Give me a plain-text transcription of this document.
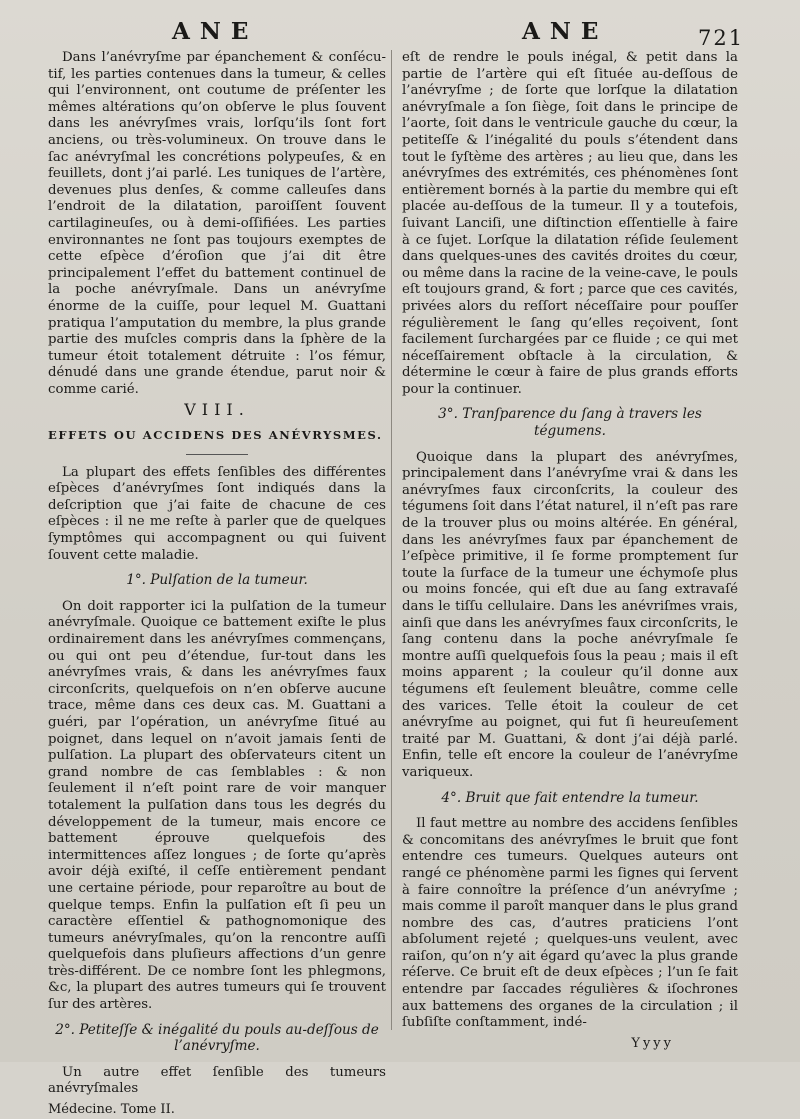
ANE	ANE	721

Dans l’anévryſme par épanchement & conſécu-tif, les parties contenues dans la tumeur, & celles qui l’environnent, ont coutume de préſenter les mêmes altérations qu’on obſerve le plus ſouvent dans les anévryſmes vrais, lorſqu’ils ſont fort anciens, ou très-volumineux. On trouve dans le ſac anévryſmal les concrétions polypeuſes, & en feuillets, dont j’ai parlé. Les tuniques de l’artère, devenues plus denſes, & comme calleuſes dans l’endroit de la dilatation, paroiſſent ſouvent cartilagineuſes, ou à demi-oſſifiées. Les parties environnantes ne ſont pas toujours exemptes de cette eſpèce d’éroſion que j’ai dit être principalement l’effet du battement continuel de la poche anévryſmale. Dans un anévryſme énorme de la cuiſſe, pour lequel M. Guattani pratiqua l’amputation du membre, la plus grande partie des muſcles compris dans la ſphère de la tumeur étoit totalement détruite : l’os fémur, dénudé dans une grande étendue, parut noir & comme carié.

VIII.
EFFETS OU ACCIDENS DES ANÉVRYSMES.

La plupart des effets ſenſibles des différentes eſpèces d’anévryſmes ſont indiqués dans la deſcription que j’ai faite de chacune de ces eſpèces : il ne me reſte à parler que de quelques ſymptômes qui accompagnent ou qui ſuivent ſouvent cette maladie.

1°. Pulſation de la tumeur.

On doit rapporter ici la pulſation de la tumeur anévryſmale. Quoique ce battement exiſte le plus ordinairement dans les anévryſmes commençans, ou qui ont peu d’étendue, ſur-tout dans les anévryſmes vrais, & dans les anévryſmes faux circonſcrits, quelquefois on n’en obſerve aucune trace, même dans ces deux cas. M. Guattani a guéri, par l’opération, un anévryſme ſitué au poignet, dans lequel on n’avoit jamais ſenti de pulſation. La plupart des obſervateurs citent un grand nombre de cas ſemblables : & non ſeulement il n’eſt point rare de voir manquer totalement la pulſation dans tous les degrés du développement de la tumeur, mais encore ce battement éprouve quelquefois des intermittences aſſez longues ; de ſorte qu’après avoir déjà exiſté, il ceſſe entièrement pendant une certaine période, pour reparoître au bout de quelque temps. Enfin la pulſation eſt ſi peu un caractère eſſentiel & pathognomonique des tumeurs anévryſmales, qu’on la rencontre auſſi quelquefois dans pluſieurs affections d’un genre très-différent. De ce nombre ſont les phlegmons, &c, la plupart des autres tumeurs qui ſe trouvent ſur des artères.

2°. Petiteſſe & inégalité du pouls au-deſſous de l’anévryſme.

Un autre effet ſenſible des tumeurs anévryſmales

Médecine. Tome II.

eſt de rendre le pouls inégal, & petit dans la partie de l’artère qui eſt ſituée au-deſſous de l’anévryſme ; de ſorte que lorſque la dilatation anévryſmale a ſon ſiège, ſoit dans le principe de l’aorte, ſoit dans le ventricule gauche du cœur, la petiteſſe & l’inégalité du pouls s’étendent dans tout le ſyſtème des artères ; au lieu que, dans les anévryſmes des extrémités, ces phénomènes ſont entièrement bornés à la partie du membre qui eſt placée au-deſſous de la tumeur. Il y a toutefois, ſuivant Lanciſi, une diſtinction eſſentielle à faire à ce ſujet. Lorſque la dilatation réſide ſeulement dans quelques-unes des cavités droites du cœur, ou même dans la racine de la veine-cave, le pouls eſt toujours grand, & fort ; parce que ces cavités, privées alors du reſſort néceſſaire pour pouſſer régulièrement le ſang qu’elles reçoivent, ſont facilement ſurchargées par ce fluide ; ce qui met néceſſairement obſtacle à la circulation, & détermine le cœur à faire de plus grands efforts pour la continuer.

3°. Tranſparence du ſang à travers les tégumens.

Quoique dans la plupart des anévryſmes, principalement dans l’anévryſme vrai & dans les anévryſmes faux circonſcrits, la couleur des tégumens ſoit dans l’état naturel, il n’eſt pas rare de la trouver plus ou moins altérée. En général, dans les anévryſmes faux par épanchement de l’eſpèce primitive, il ſe forme promptement ſur toute la ſurface de la tumeur une échymoſe plus ou moins foncée, qui eſt due au ſang extravaſé dans le tiſſu cellulaire. Dans les anévriſmes vrais, ainſi que dans les anévryſmes faux circonſcrits, le ſang contenu dans la poche anévryſmale ſe montre auſſi quelquefois ſous la peau ; mais il eſt moins apparent ; la couleur qu’il donne aux tégumens eſt ſeulement bleuâtre, comme celle des varices. Telle étoit la couleur de cet anévryſme au poignet, qui fut ſi heureuſement traité par M. Guattani, & dont j’ai déjà parlé. Enfin, telle eſt encore la couleur de l’anévryſme variqueux.

4°. Bruit que fait entendre la tumeur.

Il faut mettre au nombre des accidens ſenſibles & concomitans des anévryſmes le bruit que font entendre ces tumeurs. Quelques auteurs ont rangé ce phénomène parmi les ſignes qui ſervent à faire connoître la préſence d’un anévryſme ; mais comme il paroît manquer dans le plus grand nombre des cas, d’autres praticiens l’ont abſolument rejeté ; quelques-uns veulent, avec raiſon, qu’on n’y ait égard qu’avec la plus grande réſerve. Ce bruit eſt de deux eſpèces ; l’un ſe fait entendre par ſaccades régulières & iſochrones aux battemens des organes de la circulation ; il ſubſiſte conſtamment, indé-

Yyyy
